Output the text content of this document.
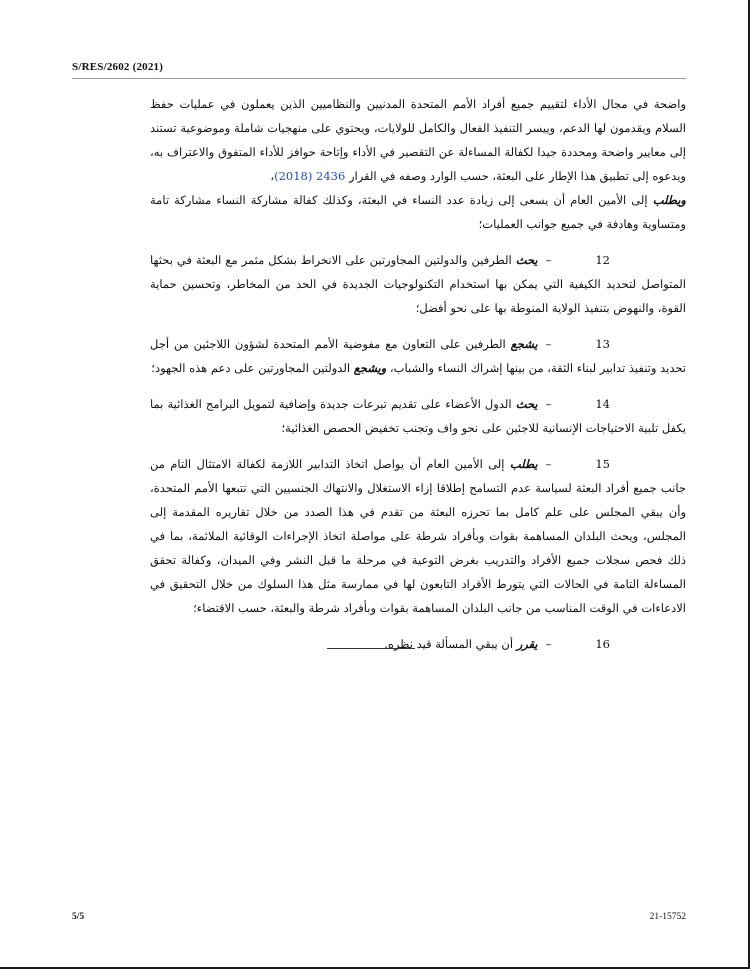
S/RES/2602 (2021)

واضحة في مجال الأداء لتقييم جميع أفراد الأمم المتحدة المدنيين والنظاميين الذين يعملون في عمليات حفظ السلام ويقدمون لها الدعم، وييسر التنفيذ الفعال والكامل للولايات، ويحتوي على منهجيات شاملة وموضوعية تستند إلى معايير واضحة ومحددة جيدا لكفالة المساءلة عن التقصير في الأداء وإتاحة حوافز للأداء المتفوق والاعتراف به، ويدعوه إلى تطبيق هذا الإطار على البعثة، حسب الوارد وصفه في القرار 2436 (2018)،

ويطلب إلى الأمين العام أن يسعى إلى زيادة عدد النساء في البعثة، وكذلك كفالة مشاركة النساء مشاركة تامة ومتساوية وهادفة في جميع جوانب العمليات؛

12–يحث الطرفين والدولتين المجاورتين على الانخراط بشكل مثمر مع البعثة في بحثها المتواصل لتحديد الكيفية التي يمكن بها استخدام التكنولوجيات الجديدة في الحد من المخاطر، وتحسين حماية القوة، والنهوض بتنفيذ الولاية المنوطة بها على نحو أفضل؛

13–يشجع الطرفين على التعاون مع مفوضية الأمم المتحدة لشؤون اللاجئين من أجل تحديد وتنفيذ تدابير لبناء الثقة، من بينها إشراك النساء والشباب، ويشجع الدولتين المجاورتين على دعم هذه الجهود؛

14–يحث الدول الأعضاء على تقديم تبرعات جديدة وإضافية لتمويل البرامج الغذائية بما يكفل تلبية الاحتياجات الإنسانية للاجئين على نحو واف وتجنب تخفيض الحصص الغذائية؛

15–يطلب إلى الأمين العام أن يواصل اتخاذ التدابير اللازمة لكفالة الامتثال التام من جانب جميع أفراد البعثة لسياسة عدم التسامح إطلاقا إزاء الاستغلال والانتهاك الجنسيين التي تتبعها الأمم المتحدة، وأن يبقي المجلس على علم كامل بما تحرزه البعثة من تقدم في هذا الصدد من خلال تقاريره المقدمة إلى المجلس، ويحث البلدان المساهمة بقوات وبأفراد شرطة على مواصلة اتخاذ الإجراءات الوقائية الملائمة، بما في ذلك فحص سجلات جميع الأفراد والتدريب بغرض التوعية في مرحلة ما قبل النشر وفي الميدان، وكفالة تحقق المساءلة التامة في الحالات التي يتورط الأفراد التابعون لها في ممارسة مثل هذا السلوك من خلال التحقيق في الادعاءات في الوقت المناسب من جانب البلدان المساهمة بقوات وبأفراد شرطة والبعثة، حسب الاقتضاء؛

16–يقرر أن يبقي المسألة قيد نظره.

5/5	21-15752
